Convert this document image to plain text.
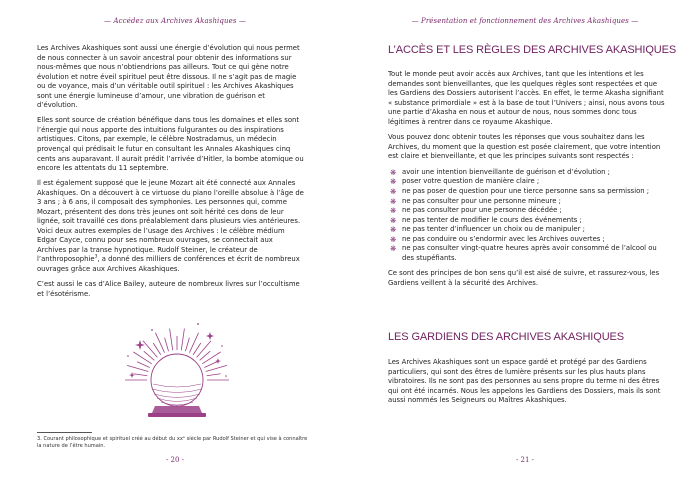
— Accédez aux Archives Akashiques —

Les Archives Akashiques sont aussi une énergie d’évolution qui nous permet de nous connecter à un savoir ancestral pour obtenir des informations sur nous-mêmes que nous n’obtiendrions pas ailleurs. Tout ce qui gène notre évolution et notre éveil spirituel peut être dissous. Il ne s’agit pas de magie ou de voyance, mais d’un véritable outil spirituel : les Archives Akashiques sont une énergie lumineuse d’amour, une vibration de guérison et d’évolution.

Elles sont source de création bénéfique dans tous les domaines et elles sont l’énergie qui nous apporte des intuitions fulgurantes ou des inspirations artistiques. Citons, par exemple, le célèbre Nostradamus, un médecin provençal qui prédisait le futur en consultant les Annales Akashiques cinq cents ans auparavant. Il aurait prédit l’arrivée d’Hitler, la bombe atomique ou encore les attentats du 11 septembre.

Il est également supposé que le jeune Mozart ait été connecté aux Annales Akashiques. On a découvert à ce virtuose du piano l’oreille absolue à l’âge de 3 ans ; à 6 ans, il composait des symphonies. Les personnes qui, comme Mozart, présentent des dons très jeunes ont soit hérité ces dons de leur lignée, soit travaillé ces dons préalablement dans plusieurs vies antérieures. Voici deux autres exemples de l’usage des Archives : le célèbre médium Edgar Cayce, connu pour ses nombreux ouvrages, se connectait aux Archives par la transe hypnotique. Rudolf Steiner, le créateur de l’anthroposophie$^3$, a donné des milliers de conférences et écrit de nombreux ouvrages grâce aux Archives Akashiques.

C’est aussi le cas d’Alice Bailey, auteure de nombreux livres sur l’occultisme et l’ésotérisme.

3. Courant philosophique et spirituel créé au début du xxᵉ siècle par Rudolf Steiner et qui vise à connaître la nature de l’être humain.
- 20 -
— Présentation et fonctionnement des Archives Akashiques —
- 21 -
L’ACCÈS ET LES RÈGLES DES ARCHIVES AKASHIQUES

Tout le monde peut avoir accès aux Archives, tant que les intentions et les demandes sont bienveillantes, que les quelques règles sont respectées et que les Gardiens des Dossiers autorisent l’accès. En effet, le terme Akasha signifiant « substance primordiale » est à la base de tout l’Univers ; ainsi, nous avons tous une partie d’Akasha en nous et autour de nous, nous sommes donc tous légitimes à rentrer dans ce royaume Akashique.

Vous pouvez donc obtenir toutes les réponses que vous souhaitez dans les Archives, du moment que la question est posée clairement, que votre intention est claire et bienveillante, et que les principes suivants sont respectés :

❋ avoir une intention bienveillante de guérison et d’évolution ;
❋ poser votre question de manière claire ;
❋ ne pas poser de question pour une tierce personne sans sa permission ;
❋ ne pas consulter pour une personne mineure ;
❋ ne pas consulter pour une personne décédée ;
❋ ne pas tenter de modifier le cours des événements ;
❋ ne pas tenter d’influencer un choix ou de manipuler ;
❋ ne pas conduire ou s’endormir avec les Archives ouvertes ;
❋ ne pas consulter vingt-quatre heures après avoir consommé de l’alcool ou des stupéfiants.

Ce sont des principes de bon sens qu’il est aisé de suivre, et rassurez-vous, les Gardiens veillent à la sécurité des Archives.

LES GARDIENS DES ARCHIVES AKASHIQUES

Les Archives Akashiques sont un espace gardé et protégé par des Gardiens particuliers, qui sont des êtres de lumière présents sur les plus hauts plans vibratoires. Ils ne sont pas des personnes au sens propre du terme ni des êtres qui ont été incarnés. Nous les appelons les Gardiens des Dossiers, mais ils sont aussi nommés les Seigneurs ou Maîtres Akashiques.
